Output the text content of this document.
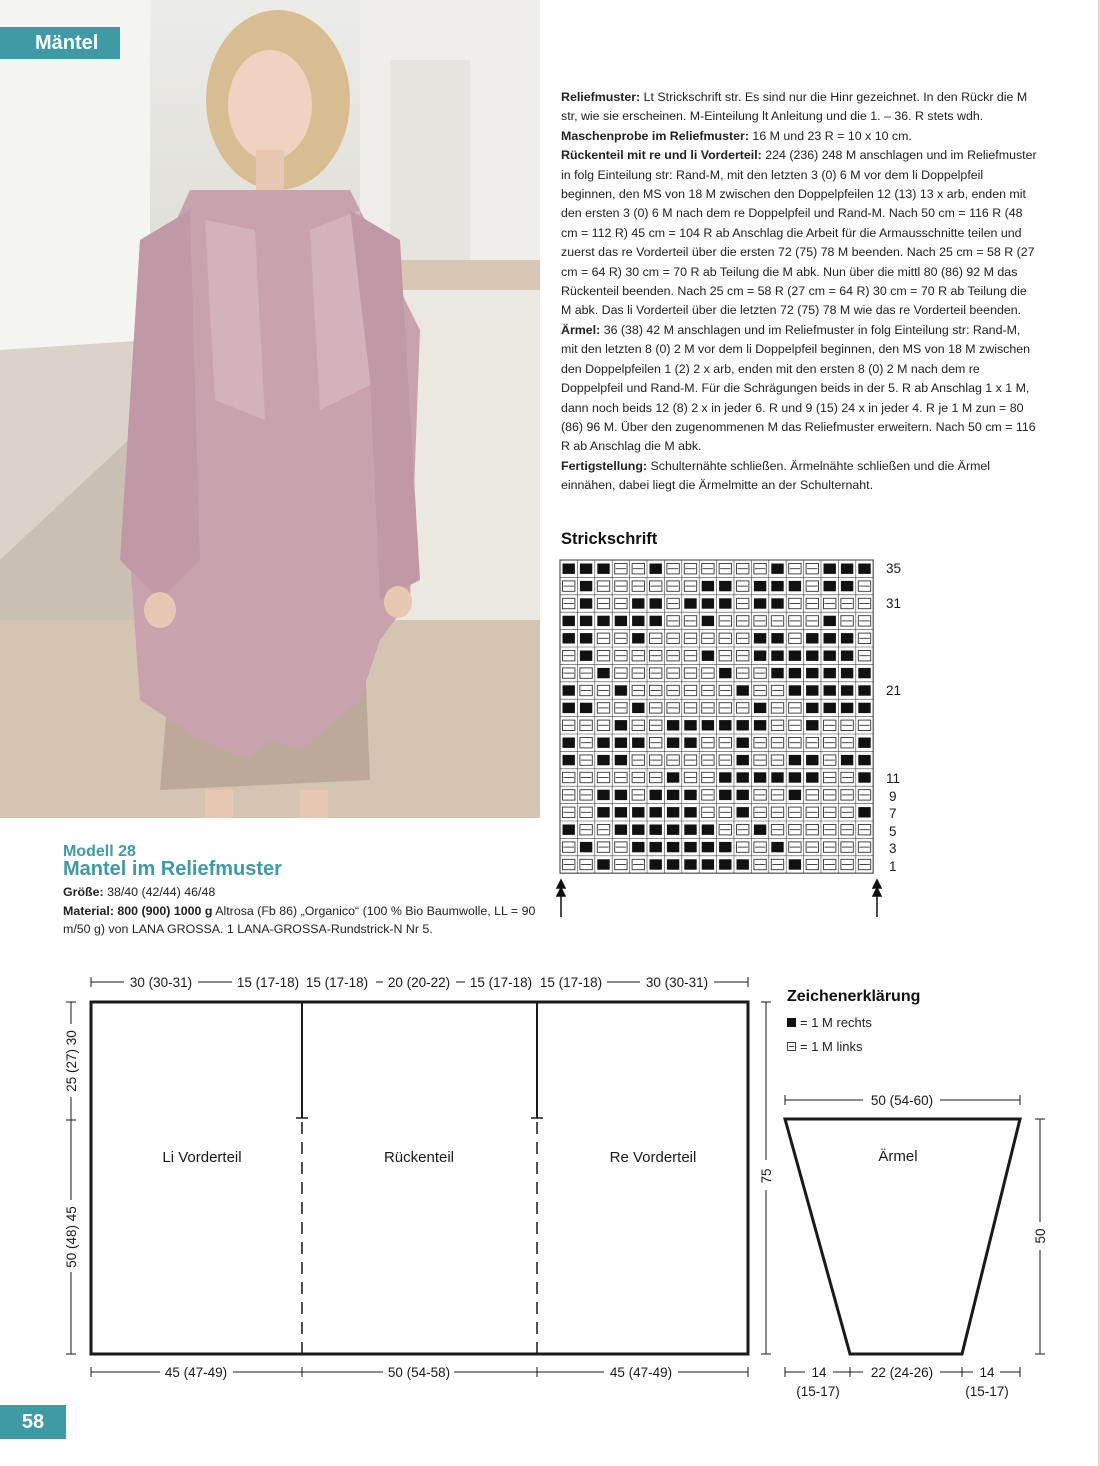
Mäntel

Reliefmuster: Lt Strickschrift str. Es sind nur die Hinr gezeichnet. In den Rückr die M str, wie sie erscheinen. M-Einteilung lt Anleitung und die 1. – 36. R stets wdh.

Maschenprobe im Reliefmuster: 16 M und 23 R = 10 x 10 cm.

Rückenteil mit re und li Vorderteil: 224 (236) 248 M anschlagen und im Reliefmuster in folg Einteilung str: Rand-M, mit den letzten 3 (0) 6 M vor dem li Doppelpfeil beginnen, den MS von 18 M zwischen den Doppelpfeilen 12 (13) 13 x arb, enden mit den ersten 3 (0) 6 M nach dem re Doppelpfeil und Rand-M. Nach 50 cm = 116 R (48 cm = 112 R) 45 cm = 104 R ab Anschlag die Arbeit für die Armausschnitte teilen und zuerst das re Vorderteil über die ersten 72 (75) 78 M beenden. Nach 25 cm = 58 R (27 cm = 64 R) 30 cm = 70 R ab Teilung die M abk. Nun über die mittl 80 (86) 92 M das Rückenteil beenden. Nach 25 cm = 58 R (27 cm = 64 R) 30 cm = 70 R ab Teilung die M abk. Das li Vorderteil über die letzten 72 (75) 78 M wie das re Vorderteil beenden.

Ärmel: 36 (38) 42 M anschlagen und im Reliefmuster in folg Einteilung str: Rand-M, mit den letzten 8 (0) 2 M vor dem li Doppelpfeil beginnen, den MS von 18 M zwischen den Doppelpfeilen 1 (2) 2 x arb, enden mit den ersten 8 (0) 2 M nach dem re Doppelpfeil und Rand-M. Für die Schrägungen beids in der 5. R ab Anschlag 1 x 1 M, dann noch beids 12 (8) 2 x in jeder 6. R und 9 (15) 24 x in jeder 4. R je 1 M zun = 80 (86) 96 M. Über den zugenommenen M das Reliefmuster erweitern. Nach 50 cm = 116 R ab Anschlag die M abk.

Fertigstellung: Schulternähte schließen. Ärmelnähte schließen und die Ärmel einnähen, dabei liegt die Ärmelmitte an der Schulternaht.

Strickschrift
35
31
21
11
9
7
5
3
1
Modell 28
Mantel im Reliefmuster

Größe: 38/40 (42/44) 46/48

Material: 800 (900) 1000 g Altrosa (Fb 86) „Organico“ (100 % Bio Baumwolle, LL = 90 m/50 g) von LANA GROSSA. 1 LANA-GROSSA-Rundstrick-N Nr 5.

Zeichenerklärung
= 1 M rechts
= 1 M links
30 (30-31)	15 (17-18) 15 (17-18) 20 (20-22) 15 (17-18) 15 (17-18)	30 (30-31)
45 (47-49)	50 (54-58)	45 (47-49)
25 (27) 30
50 (48) 45
75
Li Vorderteil	Rückenteil	Re Vorderteil	Ärmel
50 (54-60)
50
14
(15-17)
22 (24-26)	14
(15-17)
58
